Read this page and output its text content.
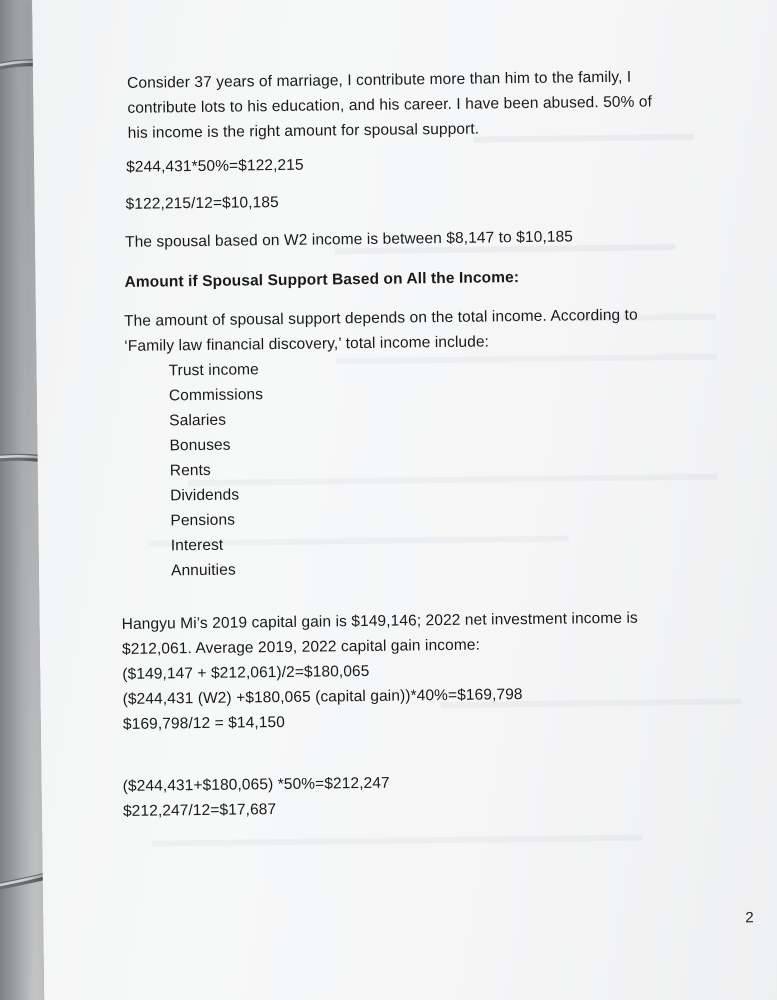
Consider 37 years of marriage, I contribute more than him to the family, I
contribute lots to his education, and his career. I have been abused. 50% of
his income is the right amount for spousal support.
$244,431*50%=$122,215
$122,215/12=$10,185
The spousal based on W2 income is between $8,147 to $10,185
Amount if Spousal Support Based on All the Income:
The amount of spousal support depends on the total income. According to
‘Family law financial discovery,’ total income include:
Trust income
Commissions
Salaries
Bonuses
Rents
Dividends
Pensions
Interest
Annuities
Hangyu Mi’s 2019 capital gain is $149,146; 2022 net investment income is
$212,061. Average 2019, 2022 capital gain income:
($149,147 + $212,061)/2=$180,065
($244,431 (W2) +$180,065 (capital gain))*40%=$169,798
$169,798/12 = $14,150
($244,431+$180,065) *50%=$212,247
$212,247/12=$17,687
2
